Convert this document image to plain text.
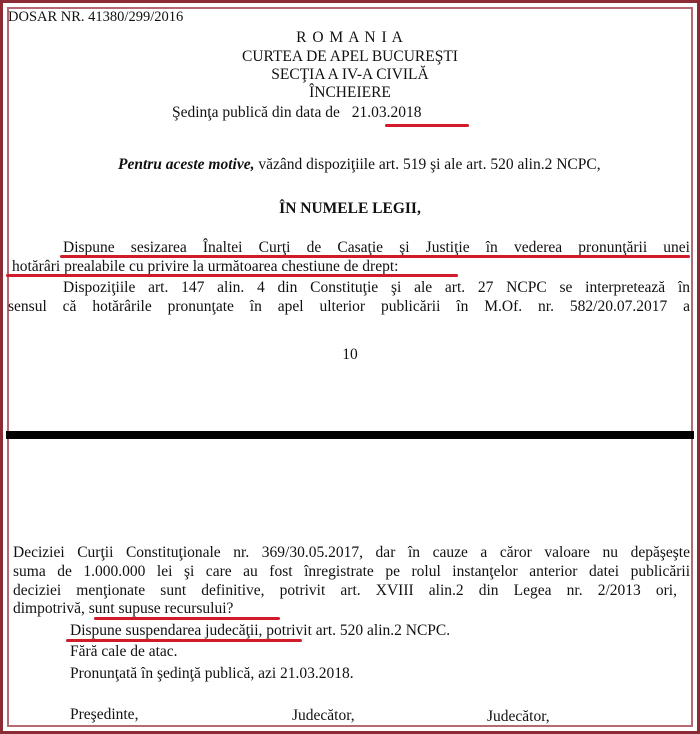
DOSAR NR. 41380/299/2016
R O M A N I A
CURTEA DE APEL BUCUREŞTI
SECŢIA A IV-A CIVILĂ
ÎNCHEIERE
Şedinţa publică din data de 21.03.2018
Pentru aceste motive, văzând dispoziţiile art. 519 şi ale art. 520 alin.2 NCPC,
ÎN NUMELE LEGII,
Dispune sesizarea Înaltei Curţi de Casaţie şi Justiţie în vederea pronunţării unei
hotărâri prealabile cu privire la următoarea chestiune de drept:
Dispoziţiile art. 147 alin. 4 din Constituţie şi ale art. 27 NCPC se interpretează în
sensul că hotărârile pronunţate în apel ulterior publicării în M.Of. nr. 582/20.07.2017 a
10
Deciziei Curţii Constituţionale nr. 369/30.05.2017, dar în cauze a căror valoare nu depăşeşte
suma de 1.000.000 lei şi care au fost înregistrate pe rolul instanţelor anterior datei publicării
deciziei menţionate sunt definitive, potrivit art. XVIII alin.2 din Legea nr. 2/2013 ori,
dimpotrivă, sunt supuse recursului?
Dispune suspendarea judecăţii, potrivit art. 520 alin.2 NCPC.
Fără cale de atac.
Pronunţată în şedinţă publică, azi 21.03.2018.
Preşedinte,	Judecător,	Judecător,
